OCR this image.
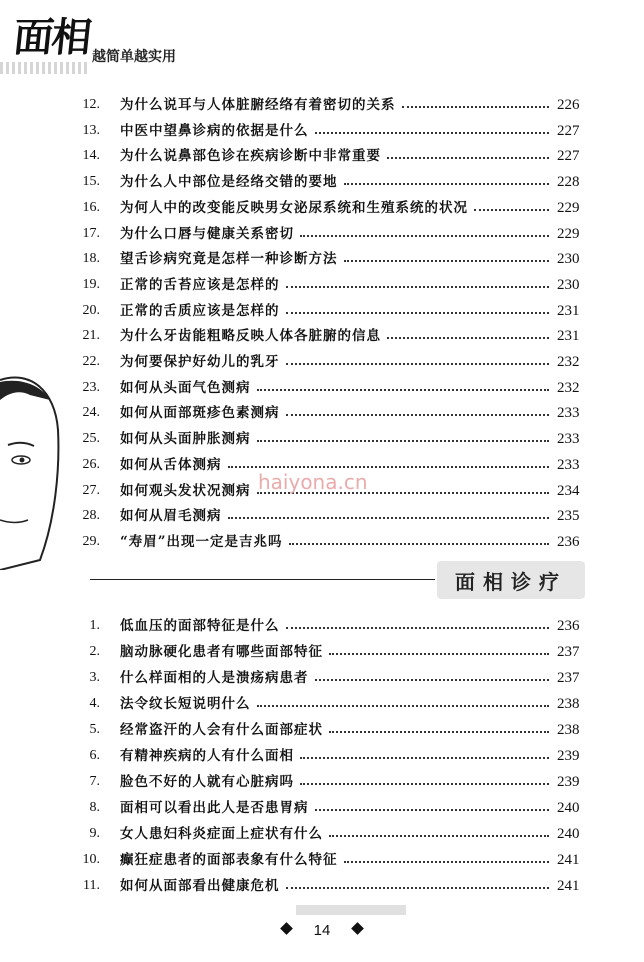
面相 越简单越实用
12. 为什么说耳与人体脏腑经络有着密切的关系	226
13. 中医中望鼻诊病的依据是什么	227
14. 为什么说鼻部色诊在疾病诊断中非常重要	227
15. 为什么人中部位是经络交错的要地	228
16. 为何人中的改变能反映男女泌尿系统和生殖系统的状况	229
17. 为什么口唇与健康关系密切	229
18. 望舌诊病究竟是怎样一种诊断方法	230
19. 正常的舌苔应该是怎样的	230
20. 正常的舌质应该是怎样的	231
21. 为什么牙齿能粗略反映人体各脏腑的信息	231
22. 为何要保护好幼儿的乳牙	232
23. 如何从头面气色测病	232
24. 如何从面部斑疹色素测病	233
25. 如何从头面肿胀测病	233
26. 如何从舌体测病	233
27. 如何观头发状况测病	234
28. 如何从眉毛测病	235
29. “寿眉”出现一定是吉兆吗	236
面相诊疗
1. 低血压的面部特征是什么	236
2. 脑动脉硬化患者有哪些面部特征	237
3. 什么样面相的人是溃疡病患者	237
4. 法令纹长短说明什么	238
5. 经常盗汗的人会有什么面部症状	238
6. 有精神疾病的人有什么面相	239
7. 脸色不好的人就有心脏病吗	239
8. 面相可以看出此人是否患胃病	240
9. 女人患妇科炎症面上症状有什么	240
10. 癫狂症患者的面部表象有什么特征	241
11. 如何从面部看出健康危机	241
haiyona.cn
14
